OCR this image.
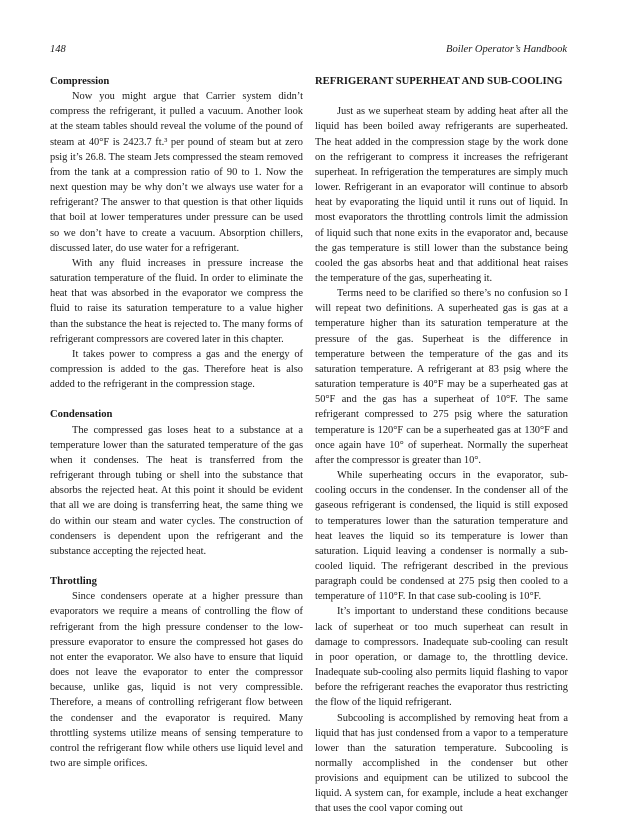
148	Boiler Operator’s Handbook
Compression

Now you might argue that Carrier system didn’t compress the refrigerant, it pulled a vacuum. Another look at the steam tables should reveal the volume of the pound of steam at 40°F is 2423.7 ft.³ per pound of steam but at zero psig it’s 26.8. The steam Jets compressed the steam removed from the tank at a compression ratio of 90 to 1. Now the next question may be why don’t we always use water for a refrigerant? The answer to that question is that other liquids that boil at lower temperatures under pressure can be used so we don’t have to create a vacuum. Absorption chillers, discussed later, do use water for a refrigerant.

With any fluid increases in pressure increase the saturation temperature of the fluid. In order to eliminate the heat that was absorbed in the evaporator we compress the fluid to raise its saturation temperature to a value higher than the substance the heat is rejected to. The many forms of refrigerant compressors are covered later in this chapter.

It takes power to compress a gas and the energy of compression is added to the gas. Therefore heat is also added to the refrigerant in the compression stage.

Condensation

The compressed gas loses heat to a substance at a temperature lower than the saturated temperature of the gas when it condenses. The heat is transferred from the refrigerant through tubing or shell into the substance that absorbs the rejected heat. At this point it should be evident that all we are doing is transferring heat, the same thing we do within our steam and water cycles. The construction of condensers is dependent upon the refrigerant and the substance accepting the rejected heat.

Throttling

Since condensers operate at a higher pressure than evaporators we require a means of controlling the flow of refrigerant from the high pressure condenser to the low-pressure evaporator to ensure the compressed hot gases do not enter the evaporator. We also have to ensure that liquid does not leave the evaporator to enter the compressor because, unlike gas, liquid is not very compressible. Therefore, a means of controlling refrigerant flow between the condenser and the evaporator is required. Many throttling systems utilize means of sensing temperature to control the refrigerant flow while others use liquid level and two are simple orifices.

REFRIGERANT SUPERHEAT AND SUB-COOLING

Just as we superheat steam by adding heat after all the liquid has been boiled away refrigerants are superheated. The heat added in the compression stage by the work done on the refrigerant to compress it increases the refrigerant superheat. In refrigeration the temperatures are simply much lower. Refrigerant in an evaporator will continue to absorb heat by evaporating the liquid until it runs out of liquid. In most evaporators the throttling controls limit the admission of liquid such that none exits in the evaporator and, because the gas temperature is still lower than the substance being cooled the gas absorbs heat and that additional heat raises the temperature of the gas, superheating it.

Terms need to be clarified so there’s no confusion so I will repeat two definitions. A superheated gas is gas at a temperature higher than its saturation temperature at the pressure of the gas. Superheat is the difference in temperature between the temperature of the gas and its saturation temperature. A refrigerant at 83 psig where the saturation temperature is 40°F may be a superheated gas at 50°F and the gas has a superheat of 10°F. The same refrigerant compressed to 275 psig where the saturation temperature is 120°F can be a superheated gas at 130°F and once again have 10° of superheat. Normally the superheat after the compressor is greater than 10°.

While superheating occurs in the evaporator, sub-cooling occurs in the condenser. In the condenser all of the gaseous refrigerant is condensed, the liquid is still exposed to temperatures lower than the saturation temperature and heat leaves the liquid so its temperature is lower than saturation. Liquid leaving a condenser is normally a sub-cooled liquid. The refrigerant described in the previous paragraph could be condensed at 275 psig then cooled to a temperature of 110°F. In that case sub-cooling is 10°F.

It’s important to understand these conditions because lack of superheat or too much superheat can result in damage to compressors. Inadequate sub-cooling can result in poor operation, or damage to, the throttling device. Inadequate sub-cooling also permits liquid flashing to vapor before the refrigerant reaches the evaporator thus restricting the flow of the liquid refrigerant.

Subcooling is accomplished by removing heat from a liquid that has just condensed from a vapor to a temperature lower than the saturation temperature. Subcooling is normally accomplished in the condenser but other provisions and equipment can be utilized to subcool the liquid. A system can, for example, include a heat exchanger that uses the cool vapor coming out
